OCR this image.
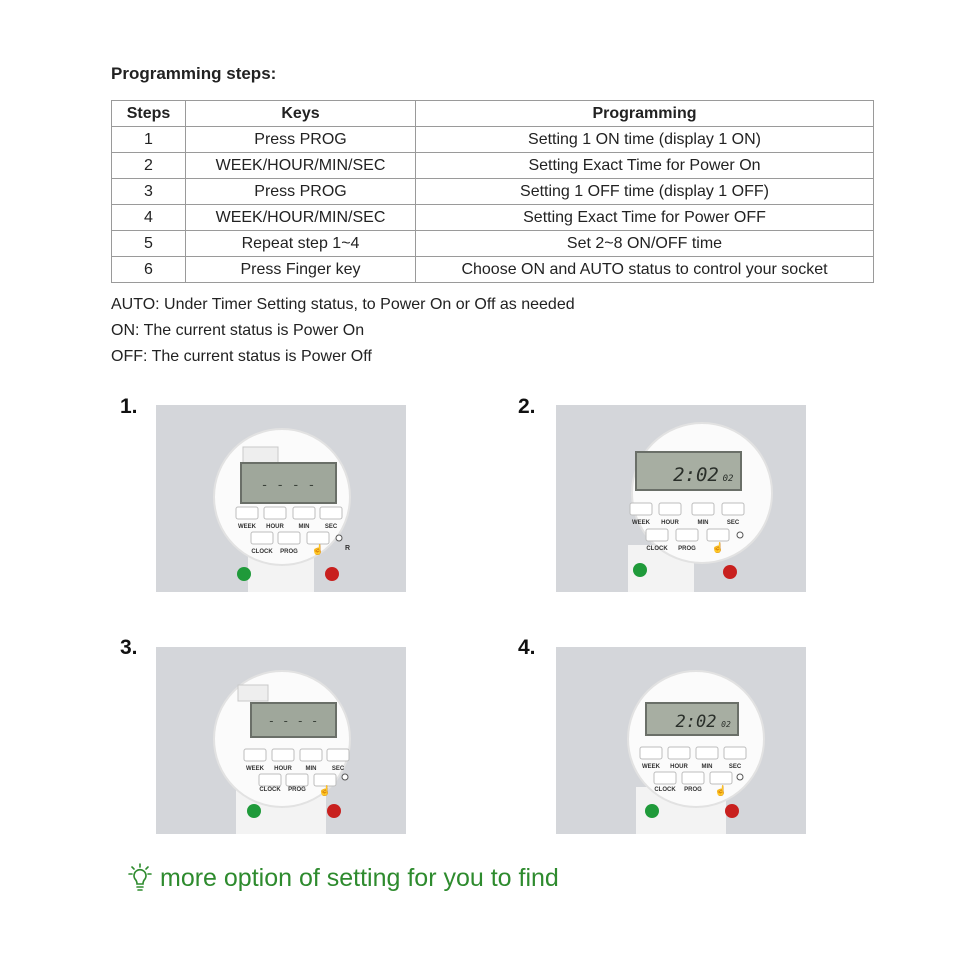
Programming steps:
Steps	Keys	Programming
1	Press PROG	Setting 1 ON time (display 1 ON)
2	WEEK/HOUR/MIN/SEC	Setting Exact Time for Power On
3	Press PROG	Setting 1 OFF time (display 1 OFF)
4	WEEK/HOUR/MIN/SEC	Setting Exact Time for Power OFF
5	Repeat step 1~4	Set 2~8 ON/OFF time
6	Press Finger key	Choose ON and AUTO status to control your socket
AUTO: Under Timer Setting status, to Power On or Off as needed
ON: The current status is Power On
OFF: The current status is Power Off
1.
- - - -
WEEK HOUR MIN	SEC
CLOCK PROG ☝	R
2.
2:02 02
WEEK HOUR	MIN	SEC
CLOCK PROG ☝
3.
- - - -
WEEK HOUR MIN	SEC
CLOCK PROG ☝
4.
2:02 02
WEEK HOUR MIN	SEC
CLOCK PROG ☝
more option of setting for you to find
